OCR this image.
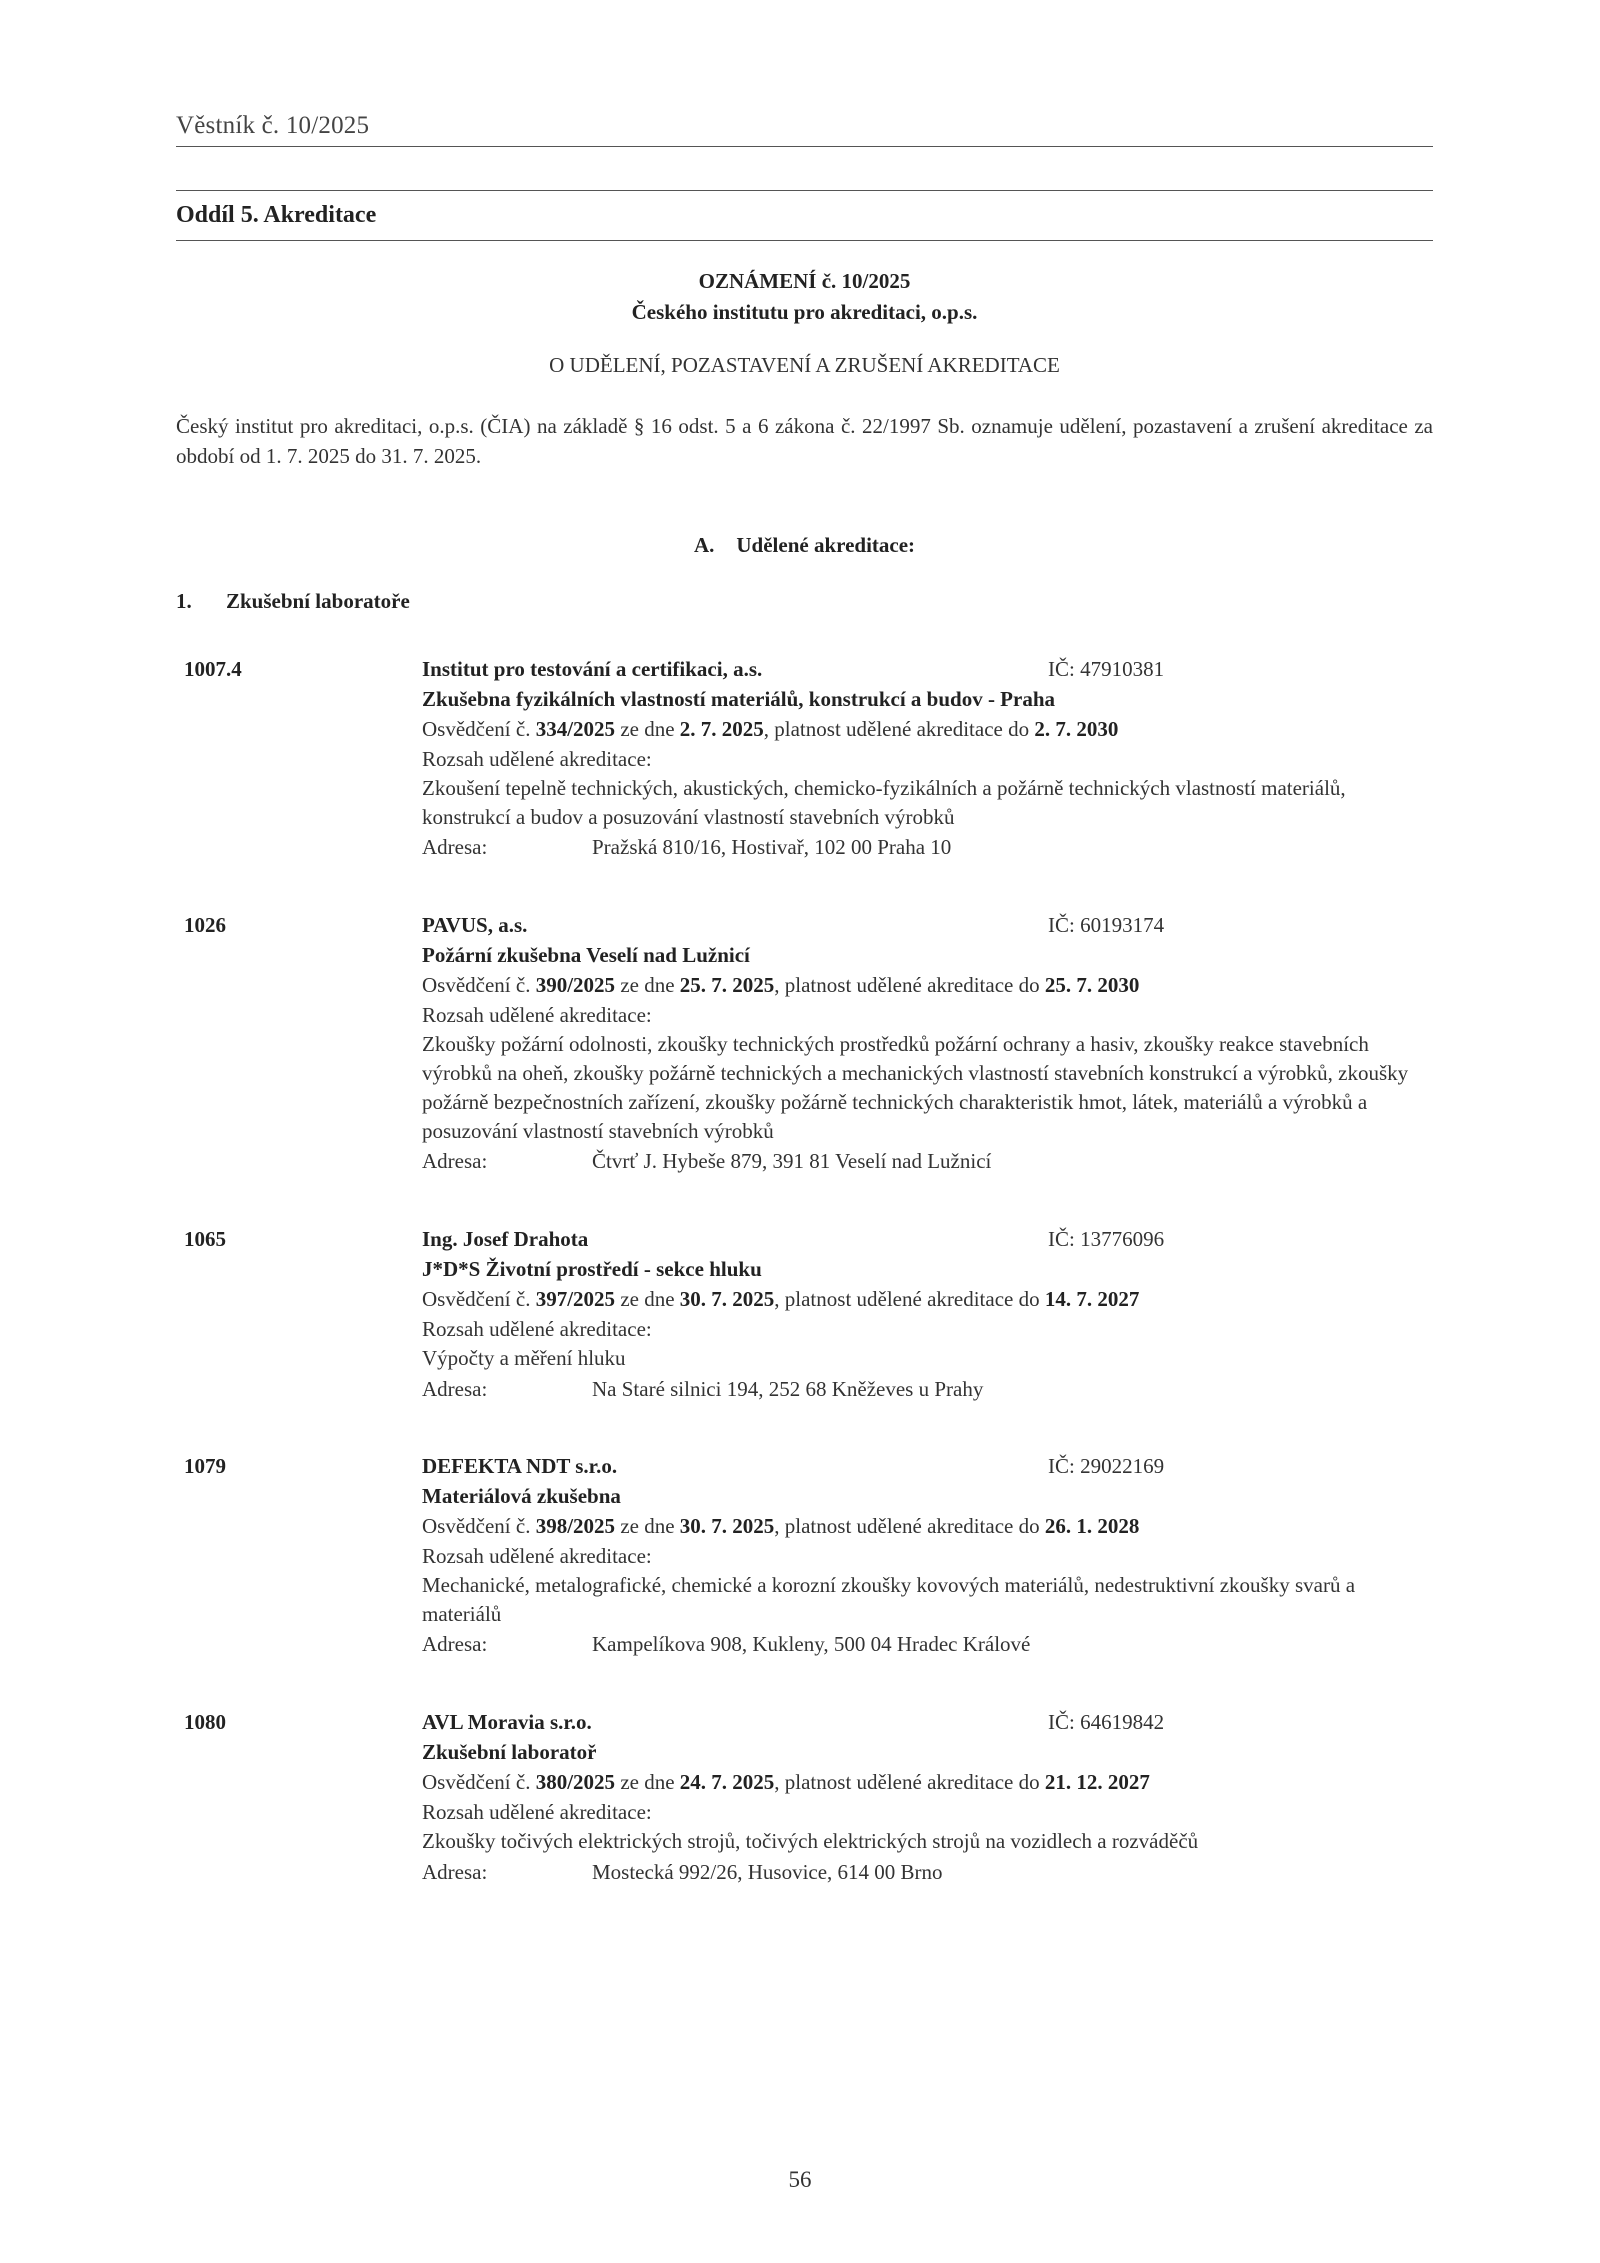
Věstník č. 10/2025
Oddíl 5. Akreditace
OZNÁMENÍ č. 10/2025
Českého institutu pro akreditaci, o.p.s.
O UDĚLENÍ, POZASTAVENÍ A ZRUŠENÍ AKREDITACE
Český institut pro akreditaci, o.p.s. (ČIA) na základě § 16 odst. 5 a 6 zákona č. 22/1997 Sb. oznamuje udělení, pozastavení a zrušení akreditace za období od 1. 7. 2025 do 31. 7. 2025.
A. Udělené akreditace:
1. Zkušební laboratoře
1007.4	Institut pro testování a certifikaci, a.s.	IČ: 47910381
Zkušebna fyzikálních vlastností materiálů, konstrukcí a budov - Praha
Osvědčení č. 334/2025 ze dne 2. 7. 2025, platnost udělené akreditace do 2. 7. 2030
Rozsah udělené akreditace:
Zkoušení tepelně technických, akustických, chemicko-fyzikálních a požárně technických vlastností materiálů, konstrukcí a budov a posuzování vlastností stavebních výrobků
Adresa:	Pražská 810/16, Hostivař, 102 00 Praha 10
1026	PAVUS, a.s.	IČ: 60193174
Požární zkušebna Veselí nad Lužnicí
Osvědčení č. 390/2025 ze dne 25. 7. 2025, platnost udělené akreditace do 25. 7. 2030
Rozsah udělené akreditace:
Zkoušky požární odolnosti, zkoušky technických prostředků požární ochrany a hasiv, zkoušky reakce stavebních výrobků na oheň, zkoušky požárně technických a mechanických vlastností stavebních konstrukcí a výrobků, zkoušky požárně bezpečnostních zařízení, zkoušky požárně technických charakteristik hmot, látek, materiálů a výrobků a posuzování vlastností stavebních výrobků
Adresa:	Čtvrť J. Hybeše 879, 391 81 Veselí nad Lužnicí
1065	Ing. Josef Drahota	IČ: 13776096
J*D*S Životní prostředí - sekce hluku
Osvědčení č. 397/2025 ze dne 30. 7. 2025, platnost udělené akreditace do 14. 7. 2027
Rozsah udělené akreditace:
Výpočty a měření hluku
Adresa:	Na Staré silnici 194, 252 68 Kněževes u Prahy
1079	DEFEKTA NDT s.r.o.	IČ: 29022169
Materiálová zkušebna
Osvědčení č. 398/2025 ze dne 30. 7. 2025, platnost udělené akreditace do 26. 1. 2028
Rozsah udělené akreditace:
Mechanické, metalografické, chemické a korozní zkoušky kovových materiálů, nedestruktivní zkoušky svarů a materiálů
Adresa:	Kampelíkova 908, Kukleny, 500 04 Hradec Králové
1080	AVL Moravia s.r.o.	IČ: 64619842
Zkušební laboratoř
Osvědčení č. 380/2025 ze dne 24. 7. 2025, platnost udělené akreditace do 21. 12. 2027
Rozsah udělené akreditace:
Zkoušky točivých elektrických strojů, točivých elektrických strojů na vozidlech a rozváděčů
Adresa:	Mostecká 992/26, Husovice, 614 00 Brno
56
